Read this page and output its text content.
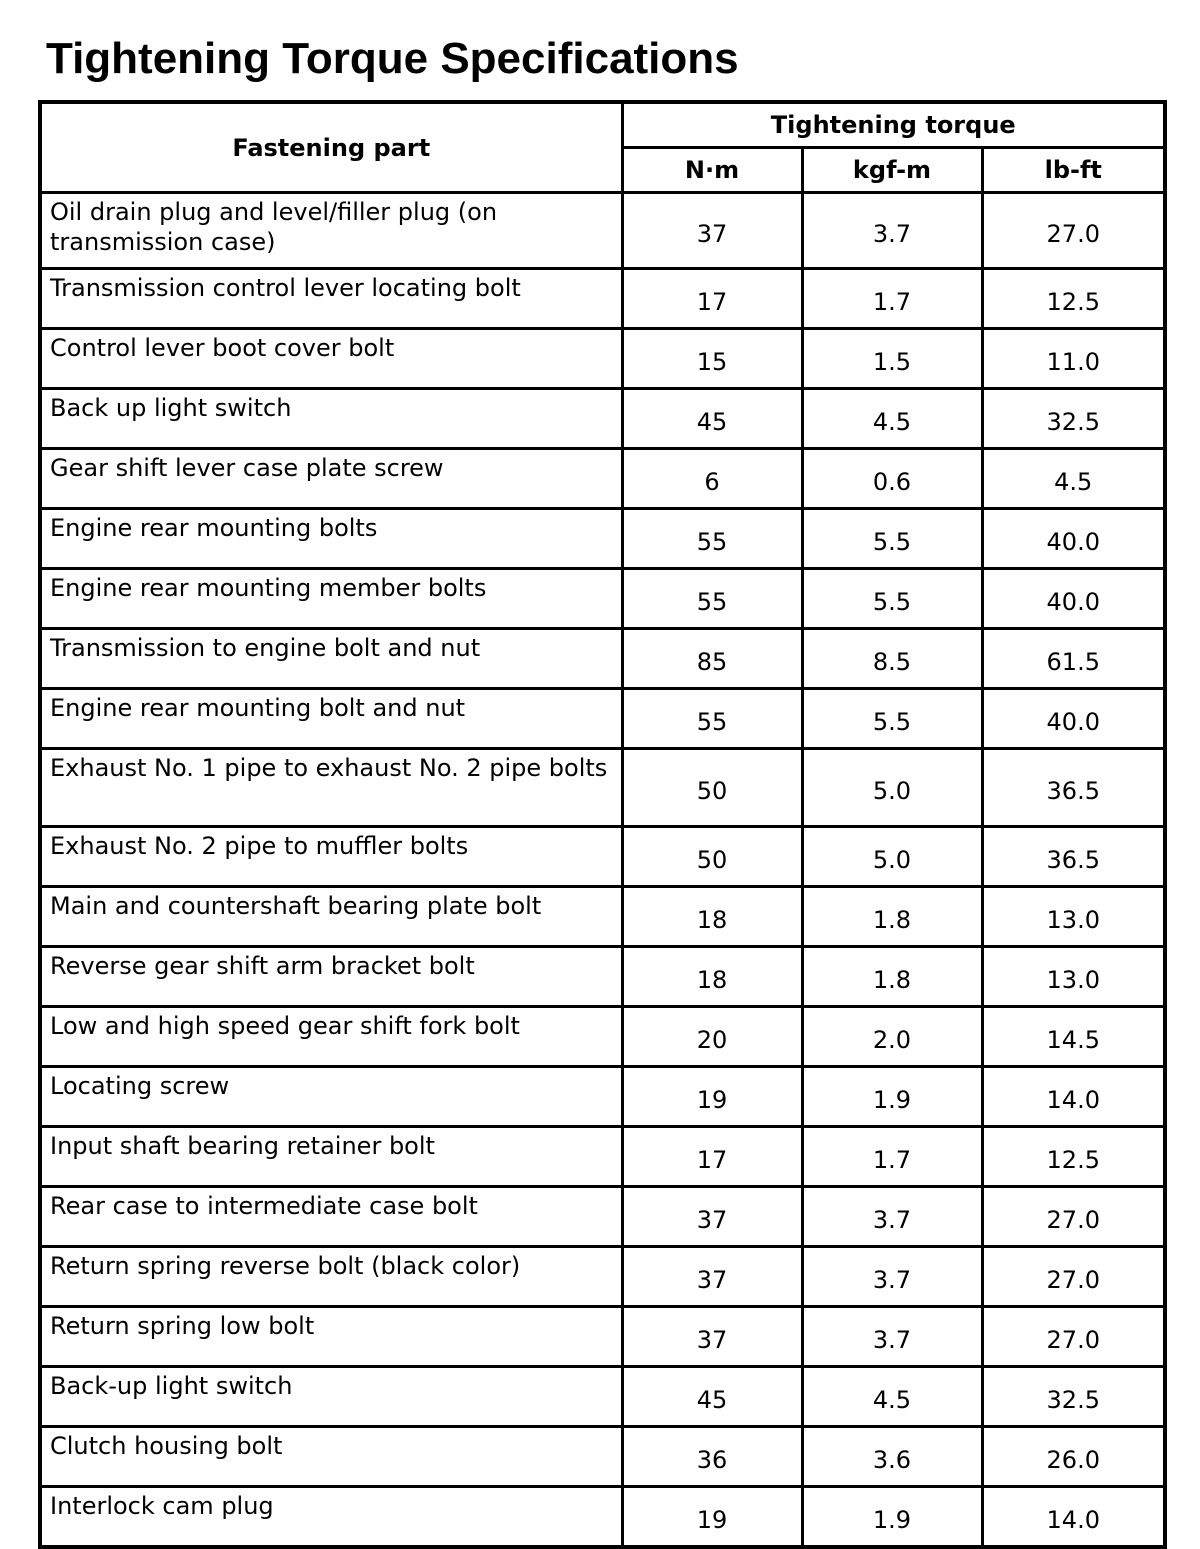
Tightening Torque Specifications
Fastening part	Tightening torque		
	N·m	kgf-m	lb-ft
Oil drain plug and level/filler plug (on transmission case)	37	3.7	27.0
Transmission control lever locating bolt	17	1.7	12.5
Control lever boot cover bolt	15	1.5	11.0
Back up light switch	45	4.5	32.5
Gear shift lever case plate screw	6	0.6	4.5
Engine rear mounting bolts	55	5.5	40.0
Engine rear mounting member bolts	55	5.5	40.0
Transmission to engine bolt and nut	85	8.5	61.5
Engine rear mounting bolt and nut	55	5.5	40.0
Exhaust No. 1 pipe to exhaust No. 2 pipe bolts	50	5.0	36.5
Exhaust No. 2 pipe to muffler bolts	50	5.0	36.5
Main and countershaft bearing plate bolt	18	1.8	13.0
Reverse gear shift arm bracket bolt	18	1.8	13.0
Low and high speed gear shift fork bolt	20	2.0	14.5
Locating screw	19	1.9	14.0
Input shaft bearing retainer bolt	17	1.7	12.5
Rear case to intermediate case bolt	37	3.7	27.0
Return spring reverse bolt (black color)	37	3.7	27.0
Return spring low bolt	37	3.7	27.0
Back-up light switch	45	4.5	32.5
Clutch housing bolt	36	3.6	26.0
Interlock cam plug	19	1.9	14.0
